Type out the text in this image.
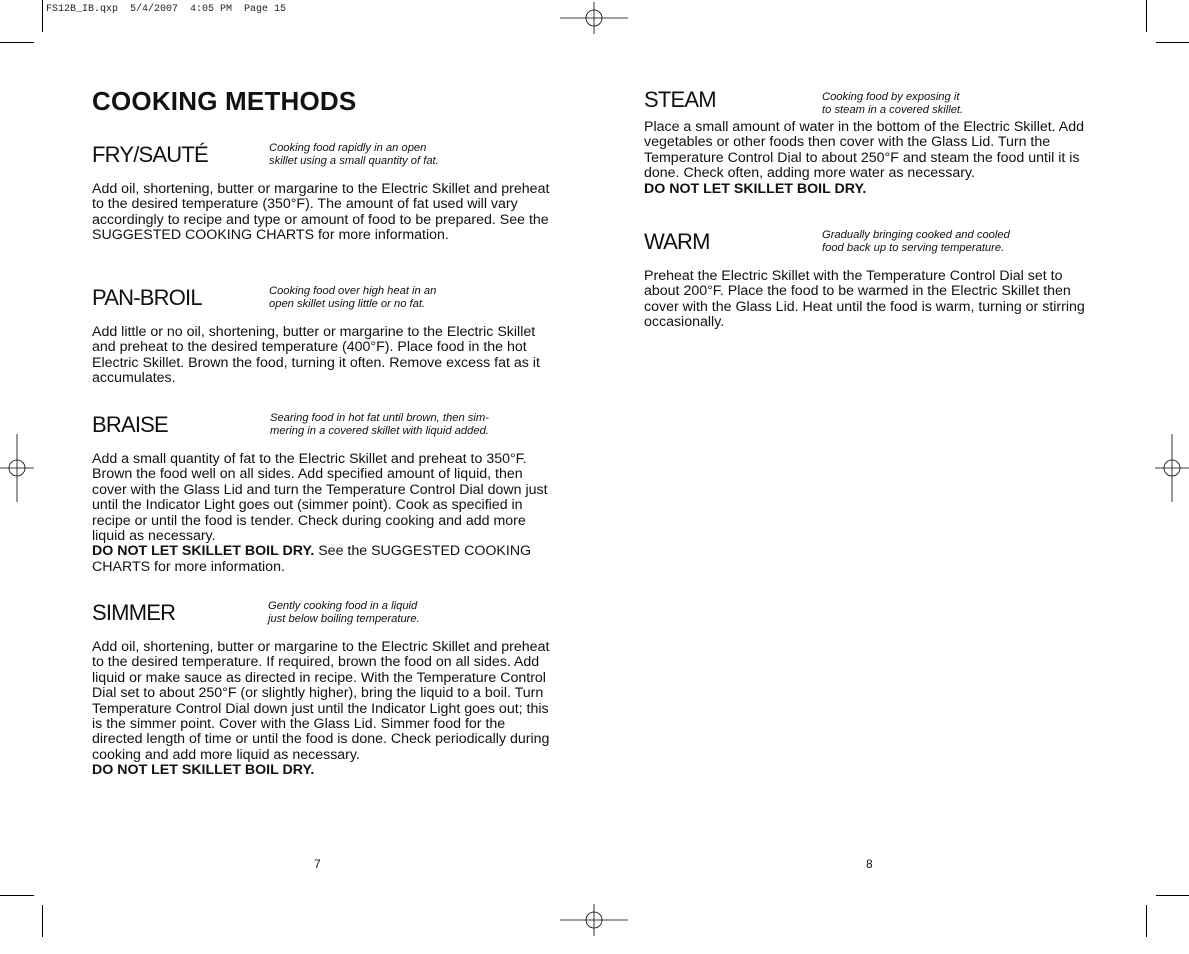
FS12B_IB.qxp  5/4/2007  4:05 PM  Page 15
COOKING METHODS
FRY/SAUTÉ	Cooking food rapidly in an open
skillet using a small quantity of fat.

Add oil, shortening, butter or margarine to the Electric Skillet and preheat to the desired temperature (350°F). The amount of fat used will vary accordingly to recipe and type or amount of food to be prepared. See the SUGGESTED COOKING CHARTS for more information.

PAN-BROIL	Cooking food over high heat in an
open skillet using little or no fat.

Add little or no oil, shortening, butter or margarine to the Electric Skillet and preheat to the desired temperature (400°F). Place food in the hot Electric Skillet. Brown the food, turning it often. Remove excess fat as it accumulates.

BRAISE	Searing food in hot fat until brown, then sim-
mering in a covered skillet with liquid added.

Add a small quantity of fat to the Electric Skillet and preheat to 350°F. Brown the food well on all sides. Add specified amount of liquid, then cover with the Glass Lid and turn the Temperature Control Dial down just until the Indicator Light goes out (simmer point). Cook as specified in recipe or until the food is tender. Check during cooking and add more liquid as necessary.
DO NOT LET SKILLET BOIL DRY. See the SUGGESTED COOKING CHARTS for more information.

SIMMER	Gently cooking food in a liquid
just below boiling temperature.

Add oil, shortening, butter or margarine to the Electric Skillet and preheat to the desired temperature. If required, brown the food on all sides. Add liquid or make sauce as directed in recipe. With the Temperature Control Dial set to about 250°F (or slightly higher), bring the liquid to a boil. Turn Temperature Control Dial down just until the Indicator Light goes out; this is the simmer point. Cover with the Glass Lid. Simmer food for the directed length of time or until the food is done. Check periodically during cooking and add more liquid as necessary.
DO NOT LET SKILLET BOIL DRY.

STEAM	Cooking food by exposing it
to steam in a covered skillet.

Place a small amount of water in the bottom of the Electric Skillet. Add vegetables or other foods then cover with the Glass Lid. Turn the Temperature Control Dial to about 250°F and steam the food until it is done. Check often, adding more water as necessary.
DO NOT LET SKILLET BOIL DRY.

WARM	Gradually bringing cooked and cooled
food back up to serving temperature.

Preheat the Electric Skillet with the Temperature Control Dial set to about 200°F. Place the food to be warmed in the Electric Skillet then cover with the Glass Lid. Heat until the food is warm, turning or stirring occasionally.

7	8
